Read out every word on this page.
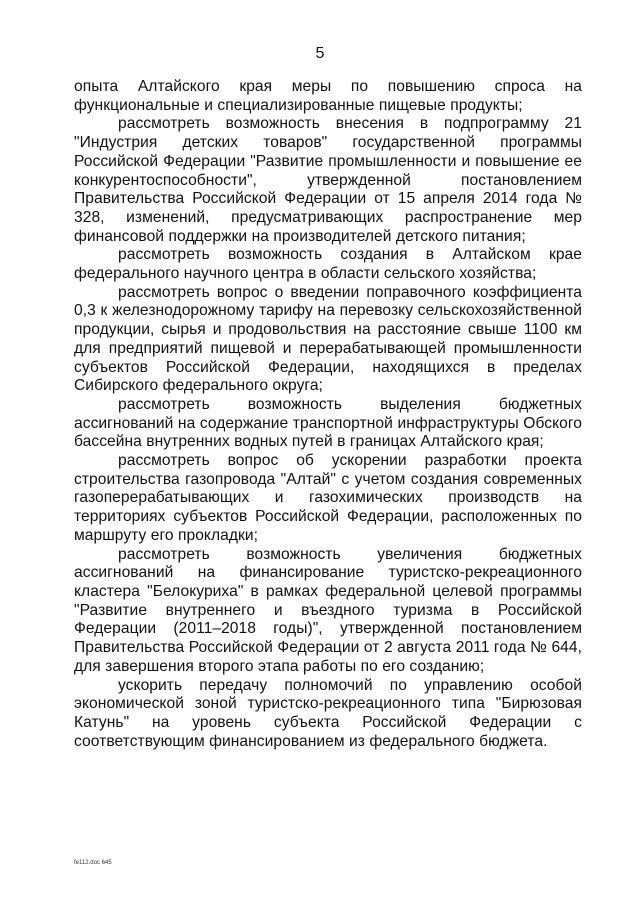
5

опыта Алтайского края меры по повышению спроса на функциональные и специализированные пищевые продукты;

рассмотреть возможность внесения в подпрограмму 21 "Индустрия детских товаров" государственной программы Российской Федерации "Развитие промышленности и повышение ее конкурентоспособности", утвержденной постановлением Правительства Российской Федерации от 15 апреля 2014 года № 328, изменений, предусматривающих распространение мер финансовой поддержки на производителей детского питания;

рассмотреть возможность создания в Алтайском крае федерального научного центра в области сельского хозяйства;

рассмотреть вопрос о введении поправочного коэффициента 0,3 к железнодорожному тарифу на перевозку сельскохозяйственной продукции, сырья и продовольствия на расстояние свыше 1100 км для предприятий пищевой и перерабатывающей промышленности субъектов Российской Федерации, находящихся в пределах Сибирского федерального округа;

рассмотреть возможность выделения бюджетных ассигнований на содержание транспортной инфраструктуры Обского бассейна внутренних водных путей в границах Алтайского края;

рассмотреть вопрос об ускорении разработки проекта строительства газопровода "Алтай" с учетом создания современных газоперерабатывающих и газохимических производств на территориях субъектов Российской Федерации, расположенных по маршруту его прокладки;

рассмотреть возможность увеличения бюджетных ассигнований на финансирование туристско-рекреационного кластера "Белокуриха" в рамках федеральной целевой программы "Развитие внутреннего и въездного туризма в Российской Федерации (2011–2018 годы)", утвержденной постановлением Правительства Российской Федерации от 2 августа 2011 года № 644, для завершения второго этапа работы по его созданию;

ускорить передачу полномочий по управлению особой экономической зоной туристско-рекреационного типа "Бирюзовая Катунь" на уровень субъекта Российской Федерации с соответствующим финансированием из федерального бюджета.

fe112.doc 645
